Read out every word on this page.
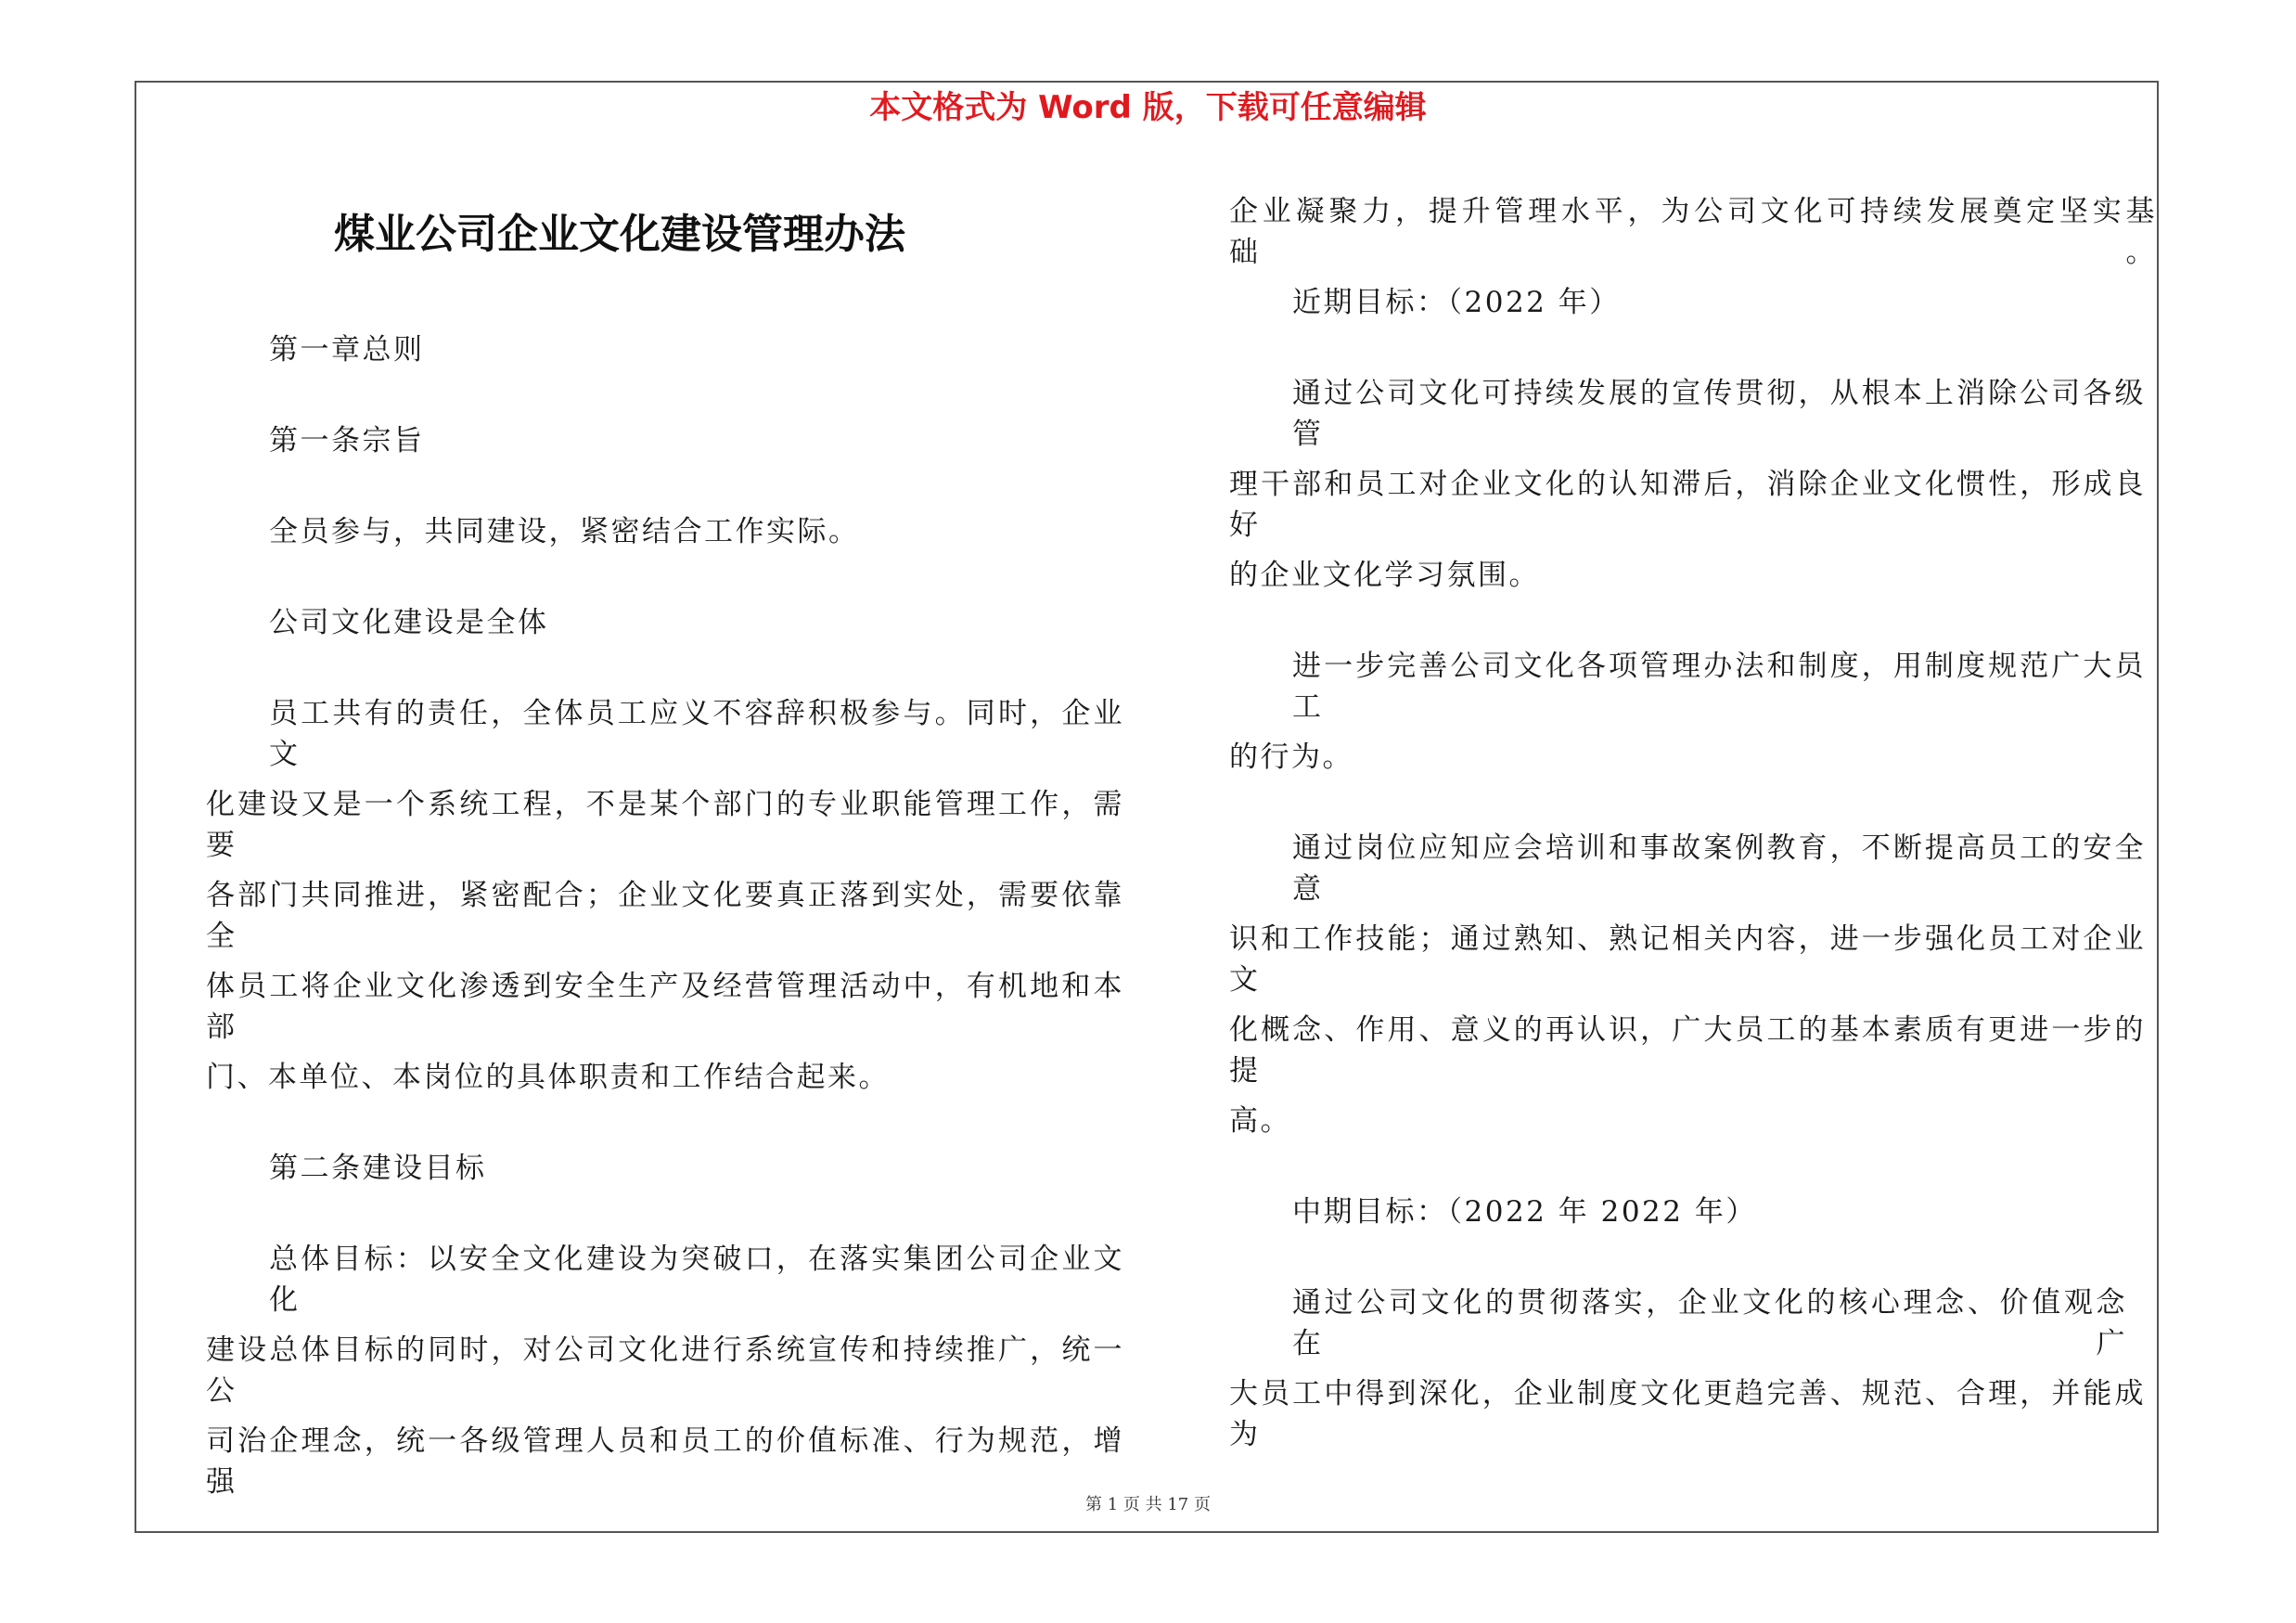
本文格式为 Word 版，下载可任意编辑
煤业公司企业文化建设管理办法
第一章总则
第一条宗旨
全员参与，共同建设，紧密结合工作实际。
公司文化建设是全体
员工共有的责任，全体员工应义不容辞积极参与。同时，企业文
化建设又是一个系统工程，不是某个部门的专业职能管理工作，需要
各部门共同推进，紧密配合；企业文化要真正落到实处，需要依靠全
体员工将企业文化渗透到安全生产及经营管理活动中，有机地和本部
门、本单位、本岗位的具体职责和工作结合起来。
第二条建设目标
总体目标：以安全文化建设为突破口，在落实集团公司企业文化
建设总体目标的同时，对公司文化进行系统宣传和持续推广，统一公
司治企理念，统一各级管理人员和员工的价值标准、行为规范，增强
企业凝聚力，提升管理水平，为公司文化可持续发展奠定坚实基础。
近期目标：（2022 年）
通过公司文化可持续发展的宣传贯彻，从根本上消除公司各级管
理干部和员工对企业文化的认知滞后，消除企业文化惯性，形成良好
的企业文化学习氛围。
进一步完善公司文化各项管理办法和制度，用制度规范广大员工
的行为。
通过岗位应知应会培训和事故案例教育，不断提高员工的安全意
识和工作技能；通过熟知、熟记相关内容，进一步强化员工对企业文
化概念、作用、意义的再认识，广大员工的基本素质有更进一步的提
高。
中期目标：（2022 年 2022 年）
通过公司文化的贯彻落实，企业文化的核心理念、价值观念在广
大员工中得到深化，企业制度文化更趋完善、规范、合理，并能成为
第 1 页 共 17 页
